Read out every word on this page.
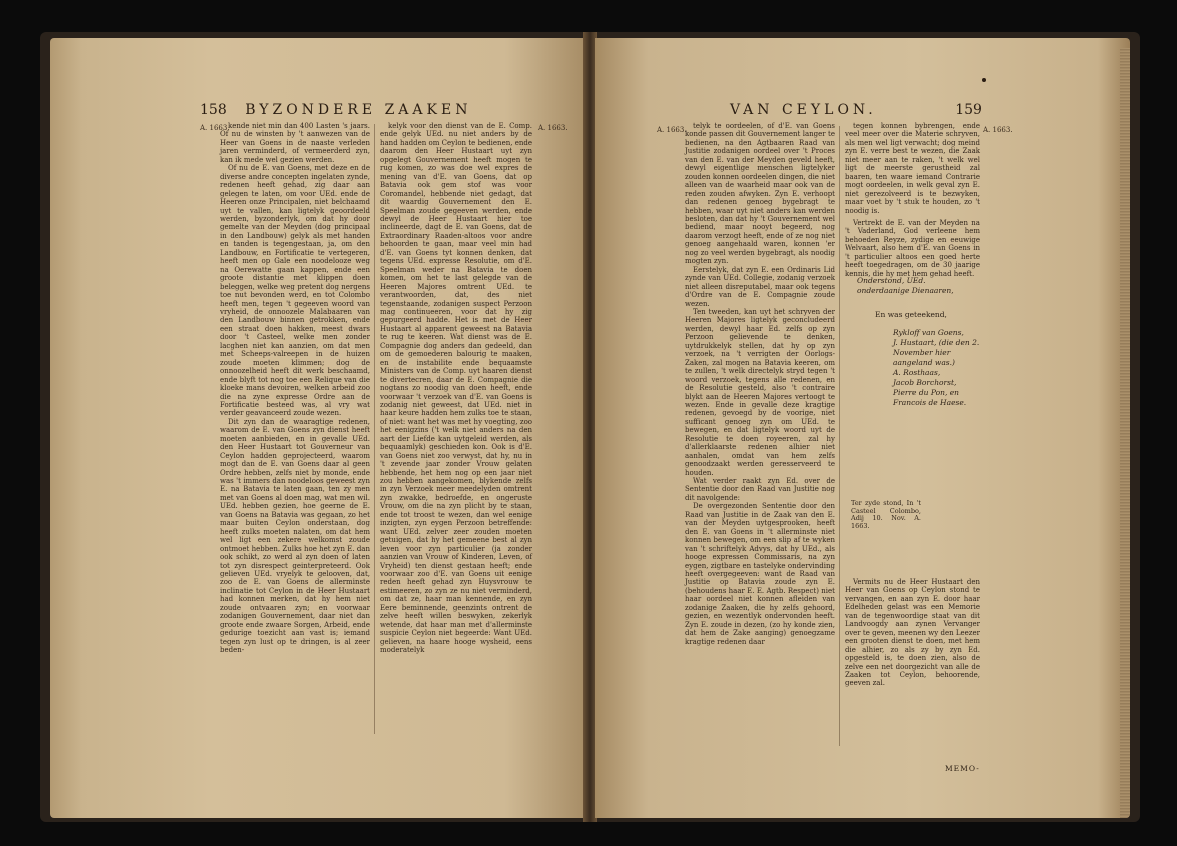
158 BYZONDERE ZAAKEN
A. 1663.	A. 1663.

kende niet min dan 400 Lasten 's jaars. Of nu de winsten by 't aanwezen van de Heer van Goens in de naaste verleden jaren verminderd, of vermeerderd zyn, kan ik mede wel gezien werden.

Of nu de E. van Goens, met deze en de diverse andre concepten ingelaten zynde, redenen heeft gehad, zig daar aan gelegen te laten, om voor UEd. ende de Heeren onze Principalen, niet belchaamd uyt te vallen, kan ligtelyk geoordeeld werden, byzonderlyk, om dat hy door gemelte van der Meyden (dog principaal in den Landbouw) gelyk als met handen en tanden is tegengestaan, ja, om den Landbouw, en Fortificatie te vertegeren, heeft men op Gale een noodelooze weg na Oerewatte gaan kappen, ende een groote distantie met klippen doen beleggen, welke weg pretent dog nergens toe nut bevonden werd, en tot Colombo heeft men, tegen 't gegeeven woord van vryheid, de onnoozele Malabaaren van den Landbouw binnen getrokken, ende een straat doen hakken, meest dwars door 't Casteel, welke men zonder lacghen niet kan aanzien, om dat men met Scheeps-valreepen in de huizen zoude moeten klimmen; dog de onnoozelheid heeft dit werk beschaamd, ende blyft tot nog toe een Relique van die kloeke mans devoiren, welken arbeid zoo die na zyne expresse Ordre aan de Fortificatie besteed was, al vry wat verder geavanceerd zoude wezen.

Dit zyn dan de waaragtige redenen, waarom de E. van Goens zyn dienst heeft moeten aanbieden, en in gevalle UEd. den Heer Hustaart tot Gouverneur van Ceylon hadden geprojecteerd, waarom mogt dan de E. van Goens daar al geen Ordre hebben, zelfs niet by monde, ende was 't immers dan noodeloos geweest zyn E. na Batavia te laten gaan, ten zy men met van Goens al doen mag, wat men wil. UEd. hebben gezien, hoe geerne de E. van Goens na Batavia was gegaan, zo het maar buiten Ceylon onderstaan, dog heeft zulks moeten nalaten, om dat hem wel ligt een zekere welkomst zoude ontmoet hebben. Zulks hoe het zyn E. dan ook schikt, zo werd al zyn doen of laten tot zyn disrespect geinterpreteerd. Ook gelieven UEd. vryelyk te gelooven, dat, zoo de E. van Goens de allerminste inclinatie tot Ceylon in de Heer Hustaart had konnen merken, dat hy hem niet zoude ontvaaren zyn; en voorwaar zodanigen Gouvernement, daar niet dan groote ende zwaare Sorgen, Arbeid, ende gedurige toezicht aan vast is; iemand tegen zyn lust op te dringen, is al zeer beden-

kelyk voor den dienst van de E. Comp. ende gelyk UEd. nu niet anders by de hand hadden om Ceylon te bedienen, ende daarom den Heer Hustaart uyt zyn opgelegt Gouvernement heeft mogen te rug komen, zo was doe wel expres de mening van d'E. van Goens, dat op Batavia ook gem stof was voor Coromandel, hebbende niet gedagt, dat dit waardig Gouvernement den E. Speelman zoude gegeeven werden, ende dewyl de Heer Hustaart hier toe inclineerde, dagt de E. van Goens, dat de Extraordinary Raaden-altoos voor andre behoorden te gaan, maar veel min had d'E. van Goens tyt konnen denken, dat tegens UEd. expresse Resolutie, om d'E. Speelman weder na Batavia te doen komen, om het te last gelegde van de Heeren Majores omtrent UEd. te verantwoorden, dat, des niet tegenstaande, zodanigen suspect Perzoon mag continueeren, voor dat hy zig gepurgeerd hadde. Het is met de Heer Hustaart al apparent geweest na Batavia te rug te keeren. Wat dienst was de E. Compagnie dog anders dan gedeeld, dan om de gemoederen balourig te maaken, en de instabilite ende bequaamste Ministers van de Comp. uyt haaren dienst te divertecren, daar de E. Compagnie die nogtans zo noodig van doen heeft, ende voorwaar 't verzoek van d'E. van Goens is zodanig niet geweest, dat UEd. niet in haar keure hadden hem zulks toe te staan, of niet: want het was met hy voegting, zoo het eenigzins ('t welk niet anders na den aart der Liefde kan uytgeleid werden, als bequaamlyk) geschieden kon. Ook is d'E. van Goens niet zoo verwyst, dat hy, nu in 't zevende jaar zonder Vrouw gelaten hebbende, het hem nog op een jaar niet zou hebben aangekomen, blykende zelfs in zyn Verzoek meer meedelyden omtrent zyn zwakke, bedroefde, en ongeruste Vrouw, om die na zyn plicht by te staan, ende tot troost te wezen, dan wel eenige inzigten, zyn eygen Perzoon betreffende: want UEd. zelver zeer zouden moeten getuigen, dat hy het gemeene best al zyn leven voor zyn particulier (ja zonder aanzien van Vrouw of Kinderen, Leven, of Vryheid) ten dienst gestaan heeft; ende voorwaar zoo d'E. van Goens uit eenige reden heeft gehad zyn Huysvrouw te estimeeren, zo zyn ze nu niet verminderd, om dat ze, haar man kennende, en zyn Eere beminnende, geenzints ontrent de zelve heeft willen beswyken, zekerlyk wetende, dat haar man met d'allerminste suspicie Ceylon niet begeerde: Want UEd. gelieven, na haare hooge wysheid, eens moderatelyk

VAN CEYLON.	159
A. 1663.	A. 1663.

telyk te oordeelen, of d'E. van Goens konde passen dit Gouvernement langer te bedienen, na den Agtbaaren Raad van Justitie zodanigen oordeel over 't Proces van den E. van der Meyden geveld heeft, dewyl eigentlige menschen ligtelyker zouden konnen oordeelen dingen, die niet alleen van de waarheid maar ook van de reden zouden afwyken. Zyn E. verhoopt dan redenen genoeg bygebragt te hebben, waar uyt niet anders kan werden besloten, dan dat hy 't Gouvernement wel bediend, maar nooyt begeerd, nog daarom verzogt heeft, ende of ze nog niet genoeg aangehaald waren, konnen 'er nog zo veel werden bygebragt, als noodig mogten zyn.

Eerstelyk, dat zyn E. een Ordinaris Lid zynde van UEd. Collegie, zodanig verzoek niet alleen disreputabel, maar ook tegens d'Ordre van de E. Compagnie zoude wezen.

Ten tweeden, kan uyt het schryven der Heeren Majores ligtelyk geconcludeerd werden, dewyl haar Ed. zelfs op zyn Perzoon gelievende te denken, uytdrukkelyk stellen, dat hy op zyn verzoek, na 't verrigten der Oorlogs-Zaken, zal mogen na Batavia keeren, om te zullen, 't welk directelyk stryd tegen 't woord verzoek, tegens alle redenen, en de Resolutie gesteld, also 't contraire blykt aan de Heeren Majores vertoogt te wezen. Ende in gevalle deze kragtige redenen, gevoegd by de voorige, niet sufficant genoeg zyn om UEd. te bewegen, en dat ligtelyk woord uyt de Resolutie te doen royeeren, zal hy d'allerklaarste redenen alhier niet aanhalen, omdat van hem zelfs genoodzaakt werden geresserveerd te houden.

Wat verder raakt zyn Ed. over de Sententie door den Raad van Justitie nog dit navolgende:

De overgezonden Sententie door den Raad van Justitie in de Zaak van den E. van der Meyden uytgesprooken, heeft den E. van Goens in 't allerminste niet konnen bewegen, om een slip af te wyken van 't schriftelyk Advys, dat hy UEd., als hooge expressen Commissaris, na zyn eygen, zigtbare en tastelyke ondervinding heeft overgegeeven: want de Raad van Justitie op Batavia zoude zyn E. (behoudens haar E. E. Agtb. Respect) niet haar oordeel niet konnen afleiden van zodanige Zaaken, die hy zelfs gehoord, gezien, en wezentlyk ondervonden heeft. Zyn E. zoude in dezen, (zo hy konde zien, dat hem de Zake aanging) genoegzame kragtige redenen daar

tegen konnen bybrengen, ende veel meer over die Materie schryven, als men wel ligt verwacht; dog meind zyn E. verre best te wezen, die Zaak niet meer aan te raken, 't welk wel ligt de meerste gerustheid zal baaren, ten waare iemand Contrarie mogt oordeelen, in welk geval zyn E. niet gerezolveerd is te bezwyken, maar voet by 't stuk te houden, zo 't noodig is.

Vertrekt de E. van der Meyden na 't Vaderland, God verleene hem behoeden Reyze, zydige en eeuwige Welvaart, also hem d'E. van Goens in 't particulier altoos een goed herte heeft toegedragen, om de 30 jaarige kennis, die hy met hem gehad heeft.

Onderstond, UEd. onderdaanige Dienaaren,
En was geteekend,
Rykloff van Goens,
J. Hustaart, (die den 2. November hier aangeland was.)
A. Rosthaas,
Jacob Borchorst,
Pierre du Pon, en
Francois de Haese.
Ter zyde stond, In 't Casteel Colombo, Adij 10. Nov. A. 1663.

Vermits nu de Heer Hustaart den Heer van Goens op Ceylon stond te vervangen, en aan zyn E. door haar Edelheden gelast was een Memorie van de tegenwoordige staat van dit Landvoogdy aan zynen Vervanger over te geven, meenen wy den Leezer een grooten dienst te doen, met hem die alhier, zo als zy by zyn Ed. opgesteld is, te doen zien, also de zelve een net doorgezicht van alle de Zaaken tot Ceylon, behoorende, geeven zal.

MEMO-
